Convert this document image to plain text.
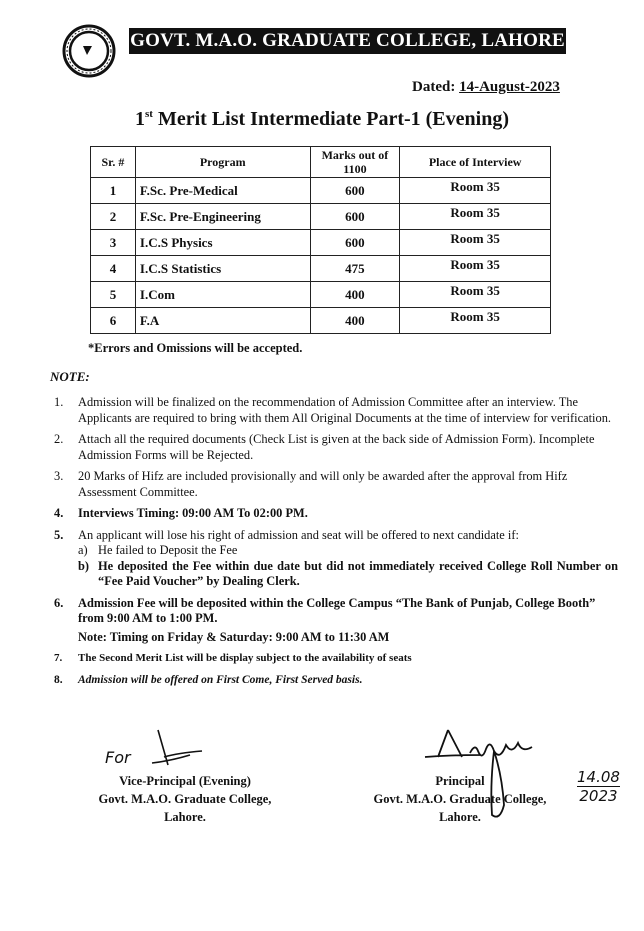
GOVT. M.A.O. GRADUATE COLLEGE, LAHORE
Dated: 14-August-2023
1st Merit List Intermediate Part-1 (Evening)
Sr. #	Program	Marks out of 1100	Place of Interview
1	F.Sc. Pre-Medical	600	Room 35
2	F.Sc. Pre-Engineering	600	Room 35
3	I.C.S Physics	600	Room 35
4	I.C.S Statistics	475	Room 35
5	I.Com	400	Room 35
6	F.A	400	Room 35
*Errors and Omissions will be accepted.
NOTE:
1. Admission will be finalized on the recommendation of Admission Committee after an interview. The Applicants are required to bring with them All Original Documents at the time of interview for verification.
2. Attach all the required documents (Check List is given at the back side of Admission Form). Incomplete Admission Forms will be Rejected.
3. 20 Marks of Hifz are included provisionally and will only be awarded after the approval from Hifz Assessment Committee.
4. Interviews Timing: 09:00 AM To 02:00 PM.
5. An applicant will lose his right of admission and seat will be offered to next candidate if:
a) He failed to Deposit the Fee
b) He deposited the Fee within due date but did not immediately received College Roll Number on “Fee Paid Voucher” by Dealing Clerk.
6. Admission Fee will be deposited within the College Campus “The Bank of Punjab, College Booth” from 9:00 AM to 1:00 PM.
Note: Timing on Friday & Saturday: 9:00 AM to 11:30 AM
7. The Second Merit List will be display subject to the availability of seats
8. Admission will be offered on First Come, First Served basis.
For
Vice-Principal (Evening)
Govt. M.A.O. Graduate College,
Lahore.
Principal
Govt. M.A.O. Graduate College,
Lahore.
14.08
2023
